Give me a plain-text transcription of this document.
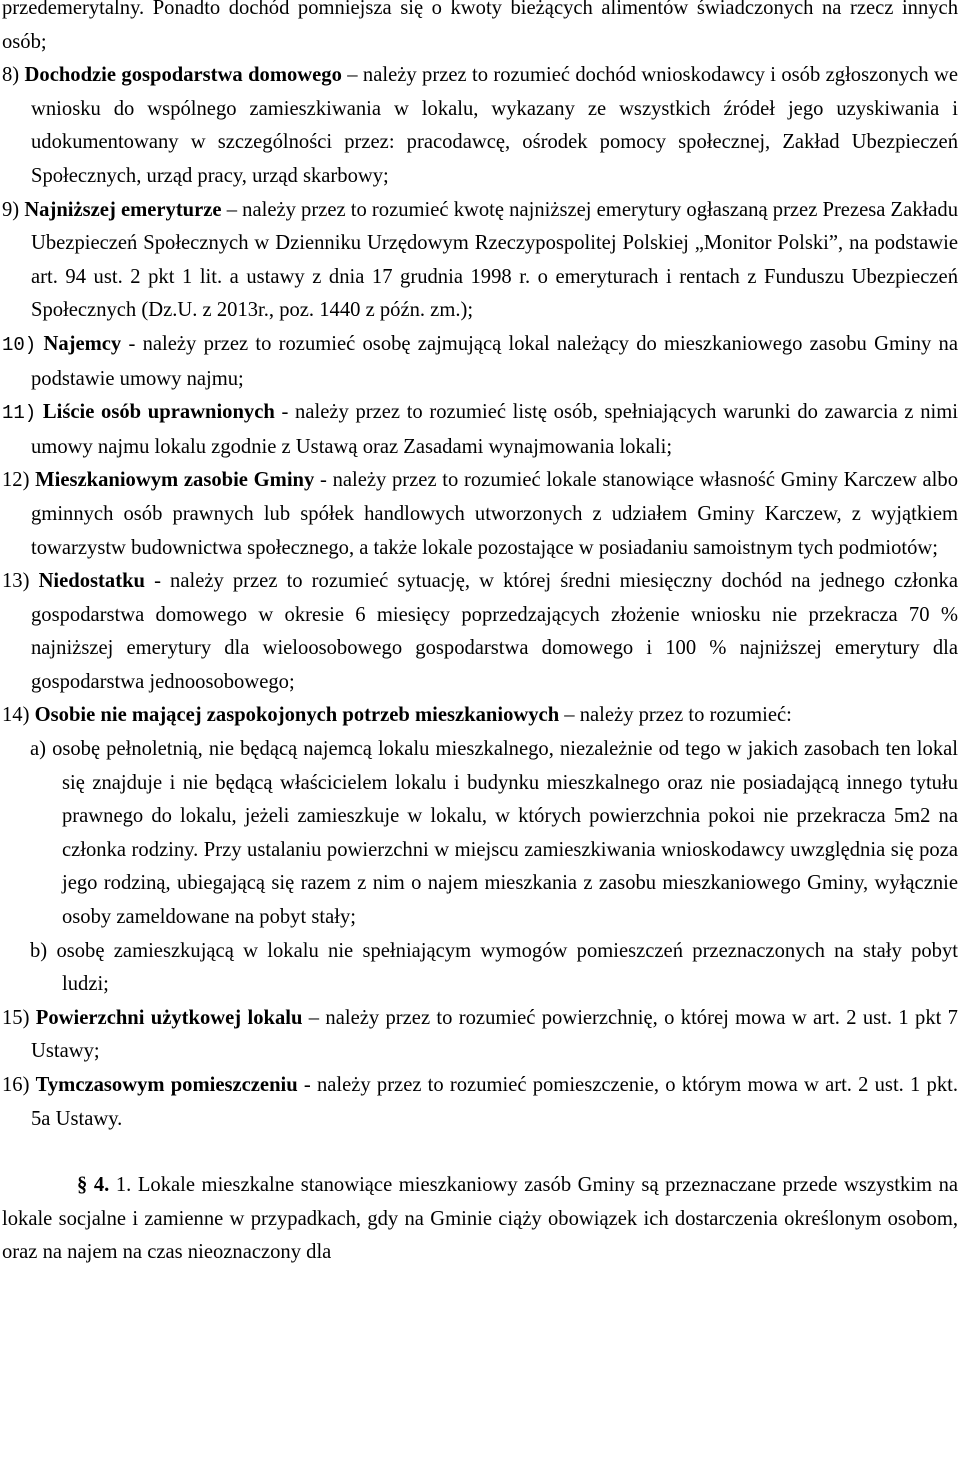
przedemerytalny. Ponadto dochód pomniejsza się o kwoty bieżących alimentów świadczonych na rzecz innych osób;

8) Dochodzie gospodarstwa domowego – należy przez to rozumieć dochód wnioskodawcy i osób zgłoszonych we wniosku do wspólnego zamieszkiwania w lokalu, wykazany ze wszystkich źródeł jego uzyskiwania i udokumentowany w szczególności przez: pracodawcę, ośrodek pomocy społecznej, Zakład Ubezpieczeń Społecznych, urząd pracy, urząd skarbowy;

9) Najniższej emeryturze – należy przez to rozumieć kwotę najniższej emerytury ogłaszaną przez Prezesa Zakładu Ubezpieczeń Społecznych w Dzienniku Urzędowym Rzeczypospolitej Polskiej „Monitor Polski”, na podstawie art. 94 ust. 2 pkt 1 lit. a ustawy z dnia 17 grudnia 1998 r. o emeryturach i rentach z Funduszu Ubezpieczeń Społecznych (Dz.U. z 2013r., poz. 1440 z późn. zm.);

10) Najemcy - należy przez to rozumieć osobę zajmującą lokal należący do mieszkaniowego zasobu Gminy na podstawie umowy najmu;

11) Liście osób uprawnionych - należy przez to rozumieć listę osób, spełniających warunki do zawarcia z nimi umowy najmu lokalu zgodnie z Ustawą oraz Zasadami wynajmowania lokali;

12) Mieszkaniowym zasobie Gminy - należy przez to rozumieć lokale stanowiące własność Gminy Karczew albo gminnych osób prawnych lub spółek handlowych utworzonych z udziałem Gminy Karczew, z wyjątkiem towarzystw budownictwa społecznego, a także lokale pozostające w posiadaniu samoistnym tych podmiotów;

13) Niedostatku - należy przez to rozumieć sytuację, w której średni miesięczny dochód na jednego członka gospodarstwa domowego w okresie 6 miesięcy poprzedzających złożenie wniosku nie przekracza 70 % najniższej emerytury dla wieloosobowego gospodarstwa domowego i 100 % najniższej emerytury dla gospodarstwa jednoosobowego;

14) Osobie nie mającej zaspokojonych potrzeb mieszkaniowych – należy przez to rozumieć:

a) osobę pełnoletnią, nie będącą najemcą lokalu mieszkalnego, niezależnie od tego w jakich zasobach ten lokal się znajduje i nie będącą właścicielem lokalu i budynku mieszkalnego oraz nie posiadającą innego tytułu prawnego do lokalu, jeżeli zamieszkuje w lokalu, w których powierzchnia pokoi nie przekracza 5m2 na członka rodziny. Przy ustalaniu powierzchni w miejscu zamieszkiwania wnioskodawcy uwzględnia się poza jego rodziną, ubiegającą się razem z nim o najem mieszkania z zasobu mieszkaniowego Gminy, wyłącznie osoby zameldowane na pobyt stały;

b) osobę zamieszkującą w lokalu nie spełniającym wymogów pomieszczeń przeznaczonych na stały pobyt ludzi;

15) Powierzchni użytkowej lokalu – należy przez to rozumieć powierzchnię, o której mowa w art. 2 ust. 1 pkt 7 Ustawy;

16) Tymczasowym pomieszczeniu - należy przez to rozumieć pomieszczenie, o którym mowa w art. 2 ust. 1 pkt. 5a Ustawy.

§ 4. 1. Lokale mieszkalne stanowiące mieszkaniowy zasób Gminy są przeznaczane przede wszystkim na lokale socjalne i zamienne w przypadkach, gdy na Gminie ciąży obowiązek ich dostarczenia określonym osobom, oraz na najem na czas nieoznaczony dla
